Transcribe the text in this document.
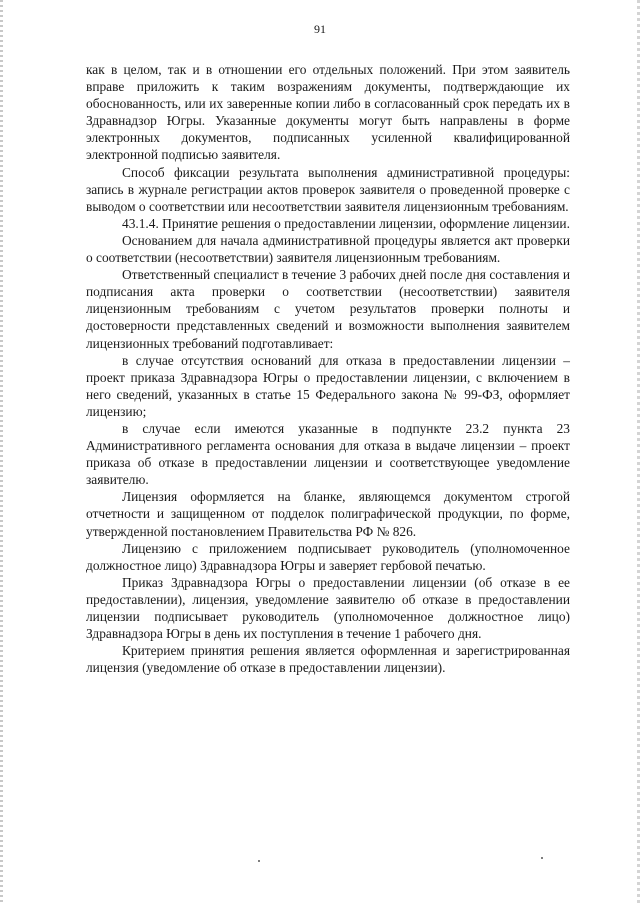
91

как в целом, так и в отношении его отдельных положений. При этом заявитель вправе приложить к таким возражениям документы, подтверждающие их обоснованность, или их заверенные копии либо в согласованный срок передать их в Здравнадзор Югры. Указанные документы могут быть направлены в форме электронных документов, подписанных усиленной квалифицированной электронной подписью заявителя.

Способ фиксации результата выполнения административной процедуры: запись в журнале регистрации актов проверок заявителя о проведенной проверке с выводом о соответствии или несоответствии заявителя лицензионным требованиям.

43.1.4. Принятие решения о предоставлении лицензии, оформление лицензии.

Основанием для начала административной процедуры является акт проверки о соответствии (несоответствии) заявителя лицензионным требованиям.

Ответственный специалист в течение 3 рабочих дней после дня составления и подписания акта проверки о соответствии (несоответствии) заявителя лицензионным требованиям с учетом результатов проверки полноты и достоверности представленных сведений и возможности выполнения заявителем лицензионных требований подготавливает:

в случае отсутствия оснований для отказа в предоставлении лицензии – проект приказа Здравнадзора Югры о предоставлении лицензии, с включением в него сведений, указанных в статье 15 Федерального закона № 99-ФЗ, оформляет лицензию;

в случае если имеются указанные в подпункте 23.2 пункта 23 Административного регламента основания для отказа в выдаче лицензии – проект приказа об отказе в предоставлении лицензии и соответствующее уведомление заявителю.

Лицензия оформляется на бланке, являющемся документом строгой отчетности и защищенном от подделок полиграфической продукции, по форме, утвержденной постановлением Правительства РФ № 826.

Лицензию с приложением подписывает руководитель (уполномоченное должностное лицо) Здравнадзора Югры и заверяет гербовой печатью.

Приказ Здравнадзора Югры о предоставлении лицензии (об отказе в ее предоставлении), лицензия, уведомление заявителю об отказе в предоставлении лицензии подписывает руководитель (уполномоченное должностное лицо) Здравнадзора Югры в день их поступления в течение 1 рабочего дня.

Критерием принятия решения является оформленная и зарегистрированная лицензия (уведомление об отказе в предоставлении лицензии).
